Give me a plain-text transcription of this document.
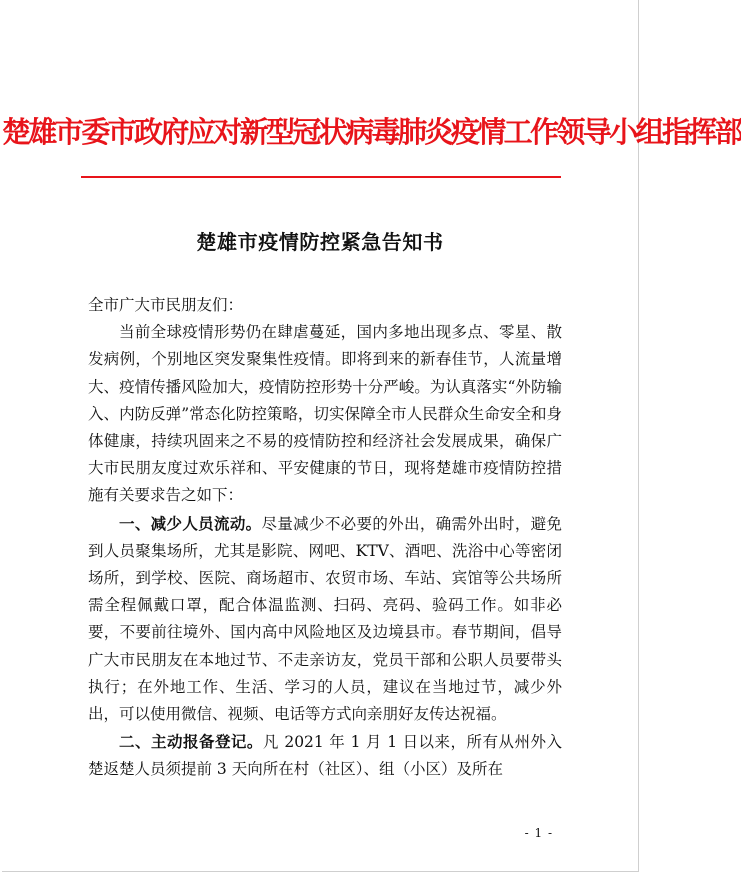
楚雄市委市政府应对新型冠状病毒肺炎疫情工作领导小组指挥部
楚雄市疫情防控紧急告知书

全市广大市民朋友们：

当前全球疫情形势仍在肆虐蔓延，国内多地出现多点、零星、散发病例，个别地区突发聚集性疫情。即将到来的新春佳节，人流量增大、疫情传播风险加大，疫情防控形势十分严峻。为认真落实“外防输入、内防反弹”常态化防控策略，切实保障全市人民群众生命安全和身体健康，持续巩固来之不易的疫情防控和经济社会发展成果，确保广大市民朋友度过欢乐祥和、平安健康的节日，现将楚雄市疫情防控措施有关要求告之如下：

一、减少人员流动。尽量减少不必要的外出，确需外出时，避免到人员聚集场所，尤其是影院、网吧、KTV、酒吧、洗浴中心等密闭场所，到学校、医院、商场超市、农贸市场、车站、宾馆等公共场所需全程佩戴口罩，配合体温监测、扫码、亮码、验码工作。如非必要，不要前往境外、国内高中风险地区及边境县市。春节期间，倡导广大市民朋友在本地过节、不走亲访友，党员干部和公职人员要带头执行；在外地工作、生活、学习的人员，建议在当地过节，减少外出，可以使用微信、视频、电话等方式向亲朋好友传达祝福。

二、主动报备登记。凡 2021 年 1 月 1 日以来，所有从州外入楚返楚人员须提前 3 天向所在村（社区）、组（小区）及所在

- 1 -
